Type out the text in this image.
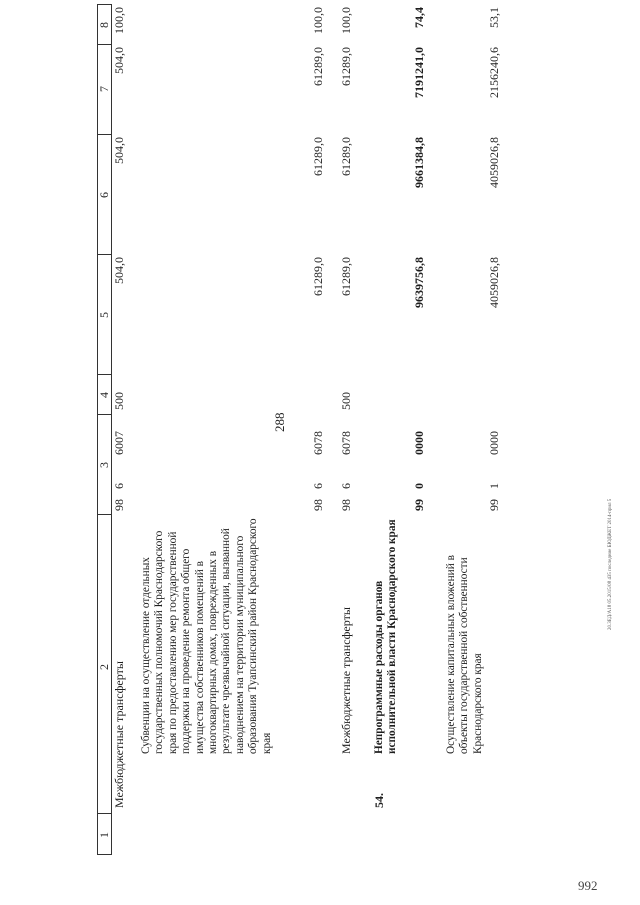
288
20.3ЕД/А18 05.2015/08 435 последние БЮДЖЕТ 2014-прил 5
992
1
2
3
4
5
6
7
8
Межбюджетные трансферты
98
6
6007
500
504,0
504,0
504,0
100,0
Субвенции на осуществление отдельных государственных полномочий Краснодарского края по предоставлению мер государственной поддержки на проведение ремонта общего имущества собственников помещений в многоквартирных домах, поврежденных в результате чрезвычайной ситуации, вызванной наводнением на территории муниципального образования Туапсинский район Краснодарского края
98
6
6078
61289,0
61289,0
61289,0
100,0
Межбюджетные трансферты
98
6
6078
500
61289,0
61289,0
61289,0
100,0
54.
Непрограммные расходы органов исполнительной власти Краснодарского края
99
0
0000
9639756,8
9661384,8
7191241,0
74,4
Осуществление капитальных вложений в объекты государственной собственности Краснодарского края
99
1
0000
4059026,8
4059026,8
2156240,6
53,1
